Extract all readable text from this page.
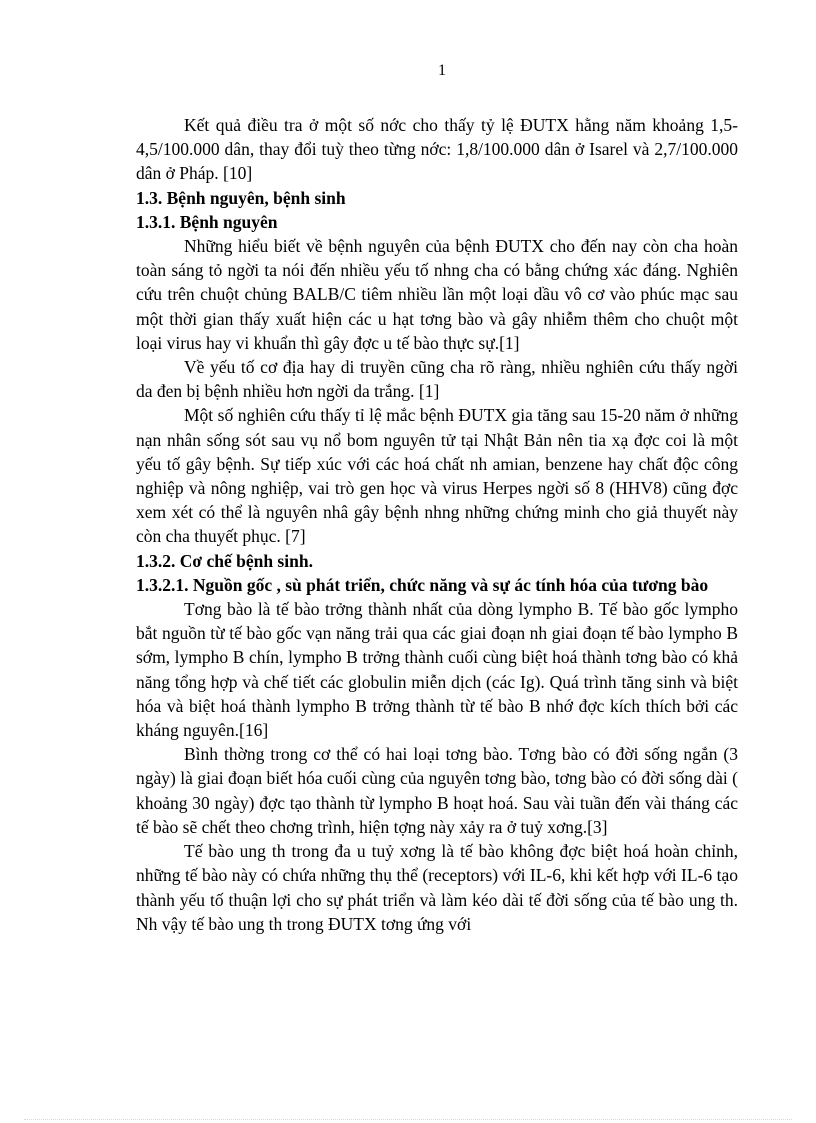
1

Kết quả điều tra ở một số nớc cho thấy tỷ lệ ĐUTX hằng năm khoảng 1,5-4,5/100.000 dân, thay đổi tuỳ theo từng nớc: 1,8/100.000 dân ở Isarel và 2,7/100.000 dân ở Pháp. [10]

1.3. Bệnh nguyên, bệnh sinh
1.3.1. Bệnh nguyên

Những hiểu biết về bệnh nguyên của bệnh ĐUTX cho đến nay còn cha hoàn toàn sáng tỏ ngời ta nói đến nhiều yếu tố nhng cha có bằng chứng xác đáng. Nghiên cứu trên chuột chủng BALB/C tiêm nhiều lần một loại dầu vô cơ vào phúc mạc sau một thời gian thấy xuất hiện các u hạt tơng bào và gây nhiễm thêm cho chuột một loại virus hay vi khuẩn thì gây đợc u tế bào thực sự.[1]

Về yếu tố cơ địa hay di truyền cũng cha rõ ràng, nhiều nghiên cứu thấy ngời da đen bị bệnh nhiều hơn ngời da trắng. [1]

Một số nghiên cứu thấy tỉ lệ mắc bệnh ĐUTX gia tăng sau 15-20 năm ở những nạn nhân sống sót sau vụ nổ bom nguyên tử tại Nhật Bản nên tia xạ đợc coi là một yếu tố gây bệnh. Sự tiếp xúc với các hoá chất nh amian, benzene hay chất độc công nghiệp và nông nghiệp, vai trò gen học và virus Herpes ngời số 8 (HHV8) cũng đợc xem xét có thể là nguyên nhâ gây bệnh nhng những chứng minh cho giả thuyết này còn cha thuyết phục. [7]

1.3.2. Cơ chế bệnh sinh.
1.3.2.1. Nguồn gốc , sù phát triển, chức năng và sự ác tính hóa của tương bào

Tơng bào là tế bào trởng thành nhất của dòng lympho B. Tế bào gốc lympho bắt nguồn từ tế bào gốc vạn năng trải qua các giai đoạn nh giai đoạn tế bào lympho B sớm, lympho B chín, lympho B trởng thành cuối cùng biệt hoá thành tơng bào có khả năng tổng hợp và chế tiết các globulin miễn dịch (các Ig). Quá trình tăng sinh và biệt hóa và biệt hoá thành lympho B trởng thành từ tế bào B nhớ đợc kích thích bởi các kháng nguyên.[16]

Bình thờng trong cơ thể có hai loại tơng bào. Tơng bào có đời sống ngắn (3 ngày) là giai đoạn biết hóa cuối cùng của nguyên tơng bào, tơng bào có đời sống dài ( khoảng 30 ngày) đợc tạo thành từ lympho B hoạt hoá. Sau vài tuần đến vài tháng các tế bào sẽ chết theo chơng trình, hiện tợng này xảy ra ở tuỷ xơng.[3]

Tế bào ung th trong đa u tuỷ xơng là tế bào không đợc biệt hoá hoàn chỉnh, những tế bào này có chứa những thụ thể (receptors) với IL-6, khi kết hợp với IL-6 tạo thành yếu tố thuận lợi cho sự phát triển và làm kéo dài tế đời sống của tế bào ung th. Nh vậy tế bào ung th trong ĐUTX tơng ứng với
